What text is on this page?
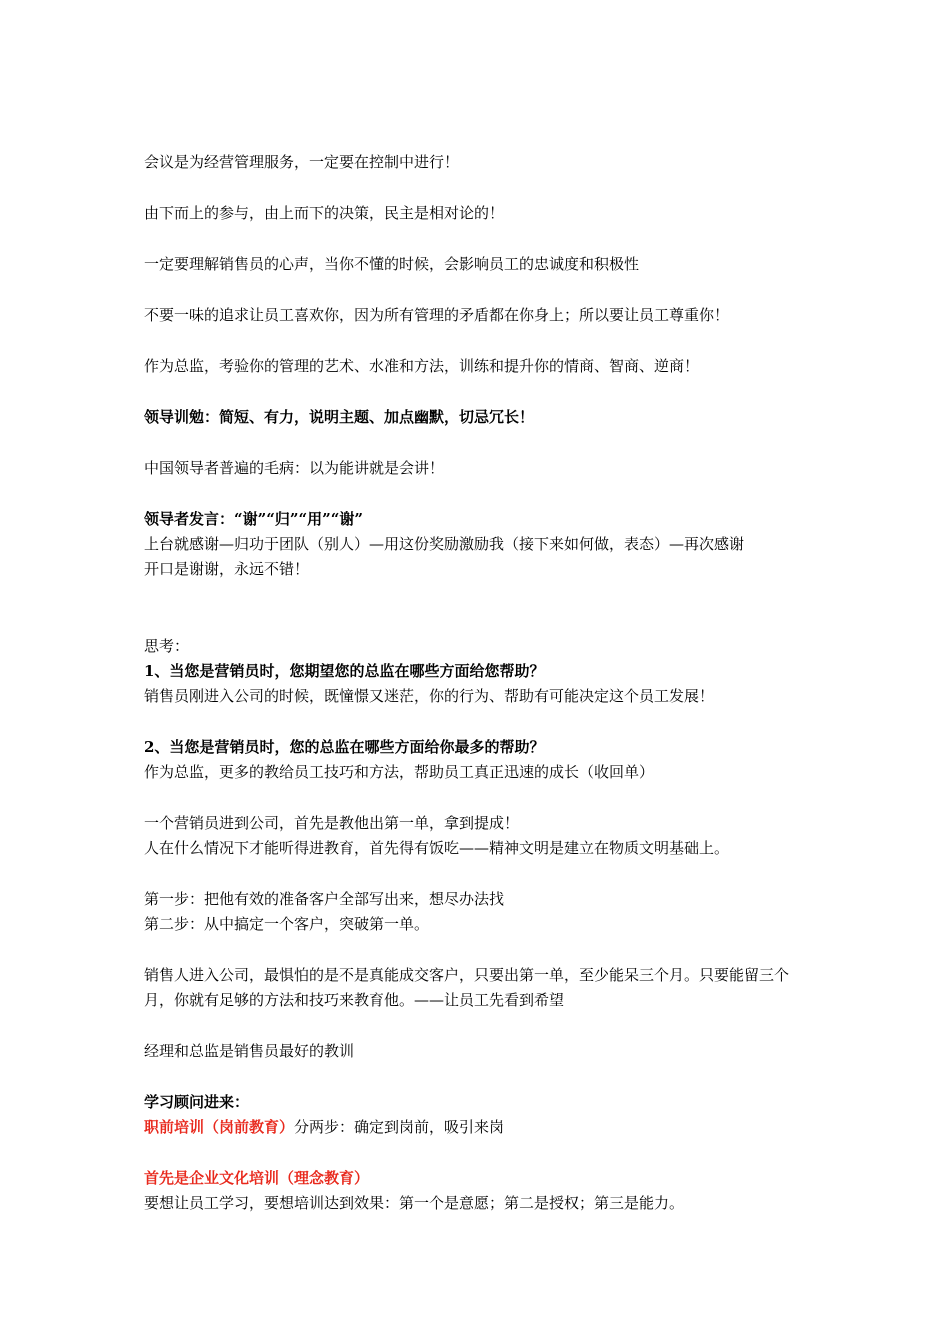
会议是为经营管理服务，一定要在控制中进行！
由下而上的参与，由上而下的决策，民主是相对论的！
一定要理解销售员的心声，当你不懂的时候，会影响员工的忠诚度和积极性
不要一味的追求让员工喜欢你，因为所有管理的矛盾都在你身上；所以要让员工尊重你！
作为总监，考验你的管理的艺术、水准和方法，训练和提升你的情商、智商、逆商！
领导训勉：简短、有力，说明主题、加点幽默，切忌冗长！
中国领导者普遍的毛病：以为能讲就是会讲！
领导者发言：“谢”“归”“用”“谢”
上台就感谢—归功于团队（别人）—用这份奖励激励我（接下来如何做，表态）—再次感谢
开口是谢谢，永远不错！
思考：
1、当您是营销员时，您期望您的总监在哪些方面给您帮助？
销售员刚进入公司的时候，既憧憬又迷茫，你的行为、帮助有可能决定这个员工发展！
2、当您是营销员时，您的总监在哪些方面给你最多的帮助？
作为总监，更多的教给员工技巧和方法，帮助员工真正迅速的成长（收回单）
一个营销员进到公司，首先是教他出第一单，拿到提成！
人在什么情况下才能听得进教育，首先得有饭吃——精神文明是建立在物质文明基础上。
第一步：把他有效的准备客户全部写出来，想尽办法找
第二步：从中搞定一个客户，突破第一单。
销售人进入公司，最惧怕的是不是真能成交客户，只要出第一单，至少能呆三个月。只要能留三个月，你就有足够的方法和技巧来教育他。——让员工先看到希望
经理和总监是销售员最好的教训
学习顾问进来：
职前培训（岗前教育）分两步：确定到岗前，吸引来岗
首先是企业文化培训（理念教育）
要想让员工学习，要想培训达到效果：第一个是意愿；第二是授权；第三是能力。
